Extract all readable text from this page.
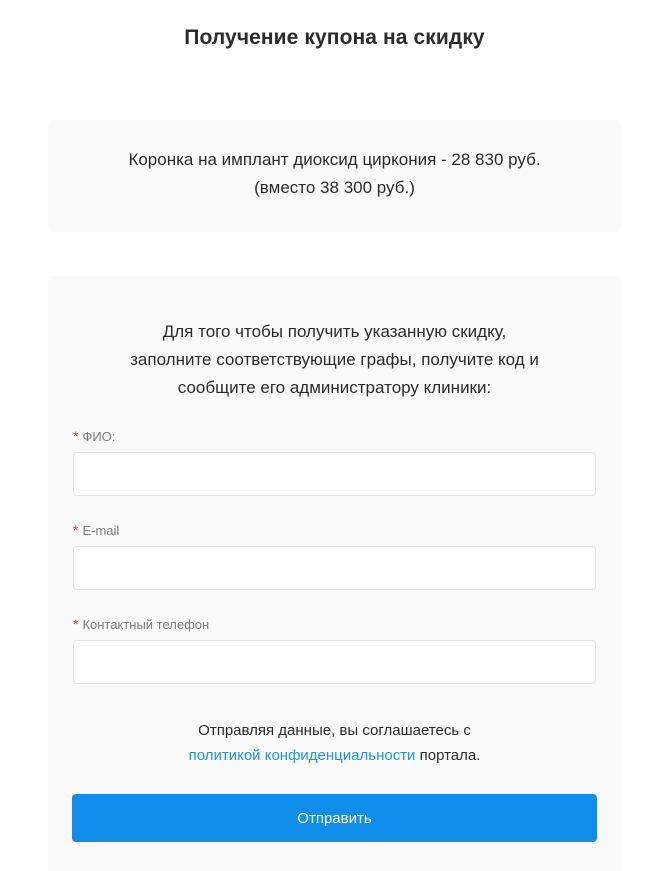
Получение купона на скидку
Коронка на имплант диоксид циркония - 28 830 руб.
(вместо 38 300 руб.)
Для того чтобы получить указанную скидку,
заполните соответствующие графы, получите код и
сообщите его администратору клиники:
* ФИО:
* E-mail
* Контактный телефон
Отправляя данные, вы соглашаетесь с
политикой конфиденциальности портала.
Отправить
